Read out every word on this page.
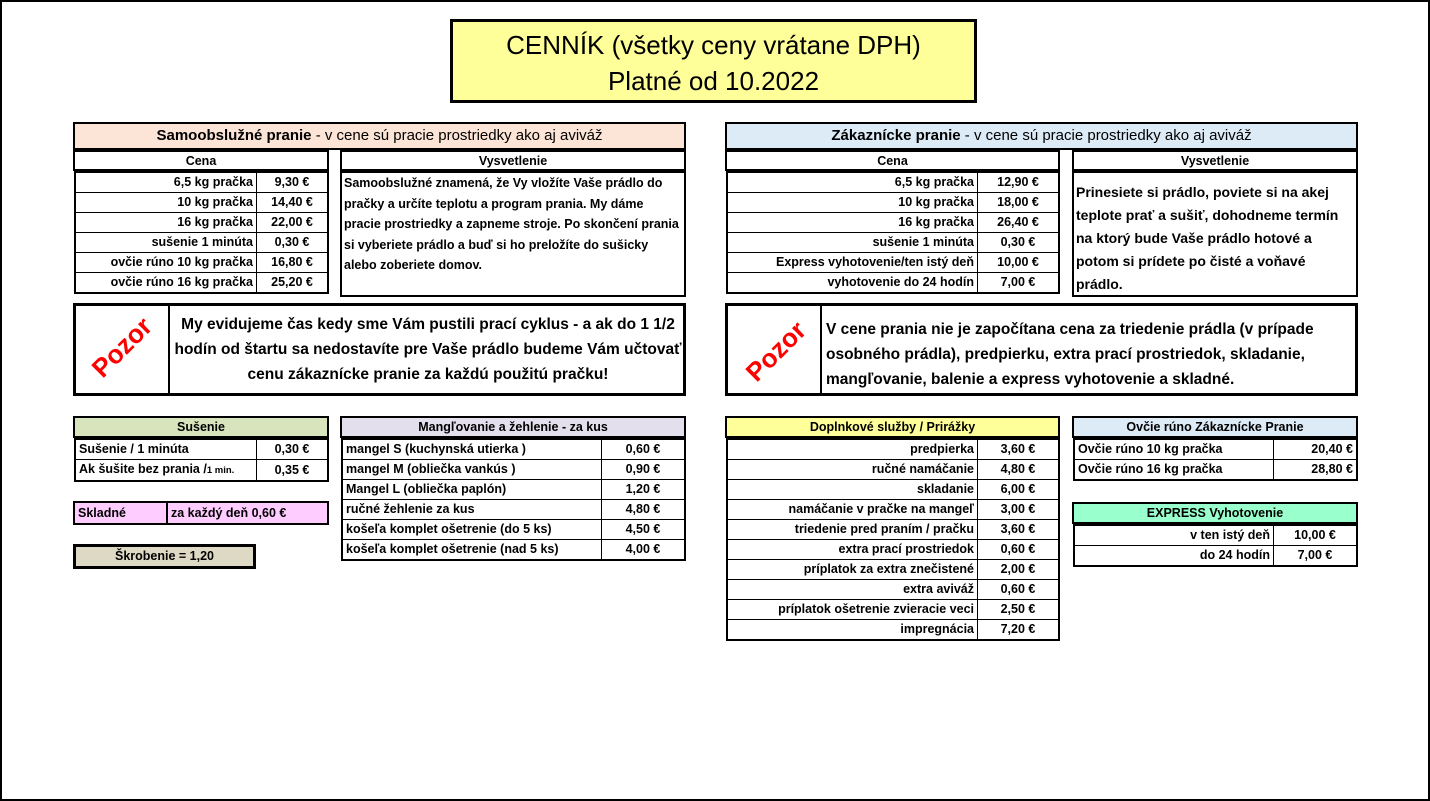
CENNÍK (všetky ceny vrátane DPH)
Platné od 10.2022
Samoobslužné pranie - v cene sú pracie prostriedky ako aj aviváž
Cena	Vysvetlenie
6,5 kg pračka	9,30 €
10 kg pračka	14,40 €
16 kg pračka	22,00 €
sušenie 1 minúta	0,30 €
ovčie rúno 10 kg pračka	16,80 €
ovčie rúno 16 kg pračka	25,20 €
Samoobslužné znamená, že Vy vložíte Vaše prádlo do pračky a určíte teplotu a program prania. My dáme pracie prostriedky a zapneme stroje. Po skončení prania si vyberiete prádlo a buď si ho preložíte do sušicky alebo zoberiete domov.
Zákaznícke pranie - v cene sú pracie prostriedky ako aj aviváž
Cena	Vysvetlenie
6,5 kg pračka	12,90 €
10 kg pračka	18,00 €
16 kg pračka	26,40 €
sušenie 1 minúta	0,30 €
Express vyhotovenie/ten istý deň	10,00 €
vyhotovenie do 24 hodín	7,00 €
Prinesiete si prádlo, poviete si na akej teplote prať a sušiť, dohodneme termín na ktorý bude Vaše prádlo hotové a potom si prídete po čisté a voňavé prádlo.
Pozor	My evidujeme čas kedy sme Vám pustili prací cyklus - a ak do 1 1/2 hodín od štartu sa nedostavíte pre Vaše prádlo budeme Vám učtovať cenu zákaznícke pranie za každú použitú pračku!	Pozor V cene prania nie je započítana cena za triedenie prádla (v prípade osobného prádla), predpierku, extra prací prostriedok, skladanie, mangľovanie, balenie a express vyhotovenie a skladné.
Sušenie
Sušenie / 1 minúta	0,30 €
Ak šušite bez prania /1 min.	0,35 €
Skladné	za každý deň 0,60 €
Škrobenie = 1,20
Mangľovanie a žehlenie - za kus
mangel S (kuchynská utierka )	0,60 €
mangel M (obliečka vankús )	0,90 €
Mangel L (obliečka paplón)	1,20 €
ručné žehlenie za kus	4,80 €
košeľa komplet ošetrenie (do 5 ks)	4,50 €
košeľa komplet ošetrenie (nad 5 ks)	4,00 €
Doplnkové služby / Prirážky
predpierka	3,60 €
ručné namáčanie	4,80 €
skladanie	6,00 €
namáčanie v pračke na mangeľ	3,00 €
triedenie pred praním / pračku	3,60 €
extra prací prostriedok	0,60 €
príplatok za extra znečistené	2,00 €
extra aviváž	0,60 €
príplatok ošetrenie zvieracie veci	2,50 €
impregnácia	7,20 €
Ovčie rúno Zákaznícke Pranie
Ovčie rúno 10 kg pračka	20,40 €
Ovčie rúno 16 kg pračka	28,80 €
EXPRESS Vyhotovenie
v ten istý deň	10,00 €
do 24 hodín	7,00 €
